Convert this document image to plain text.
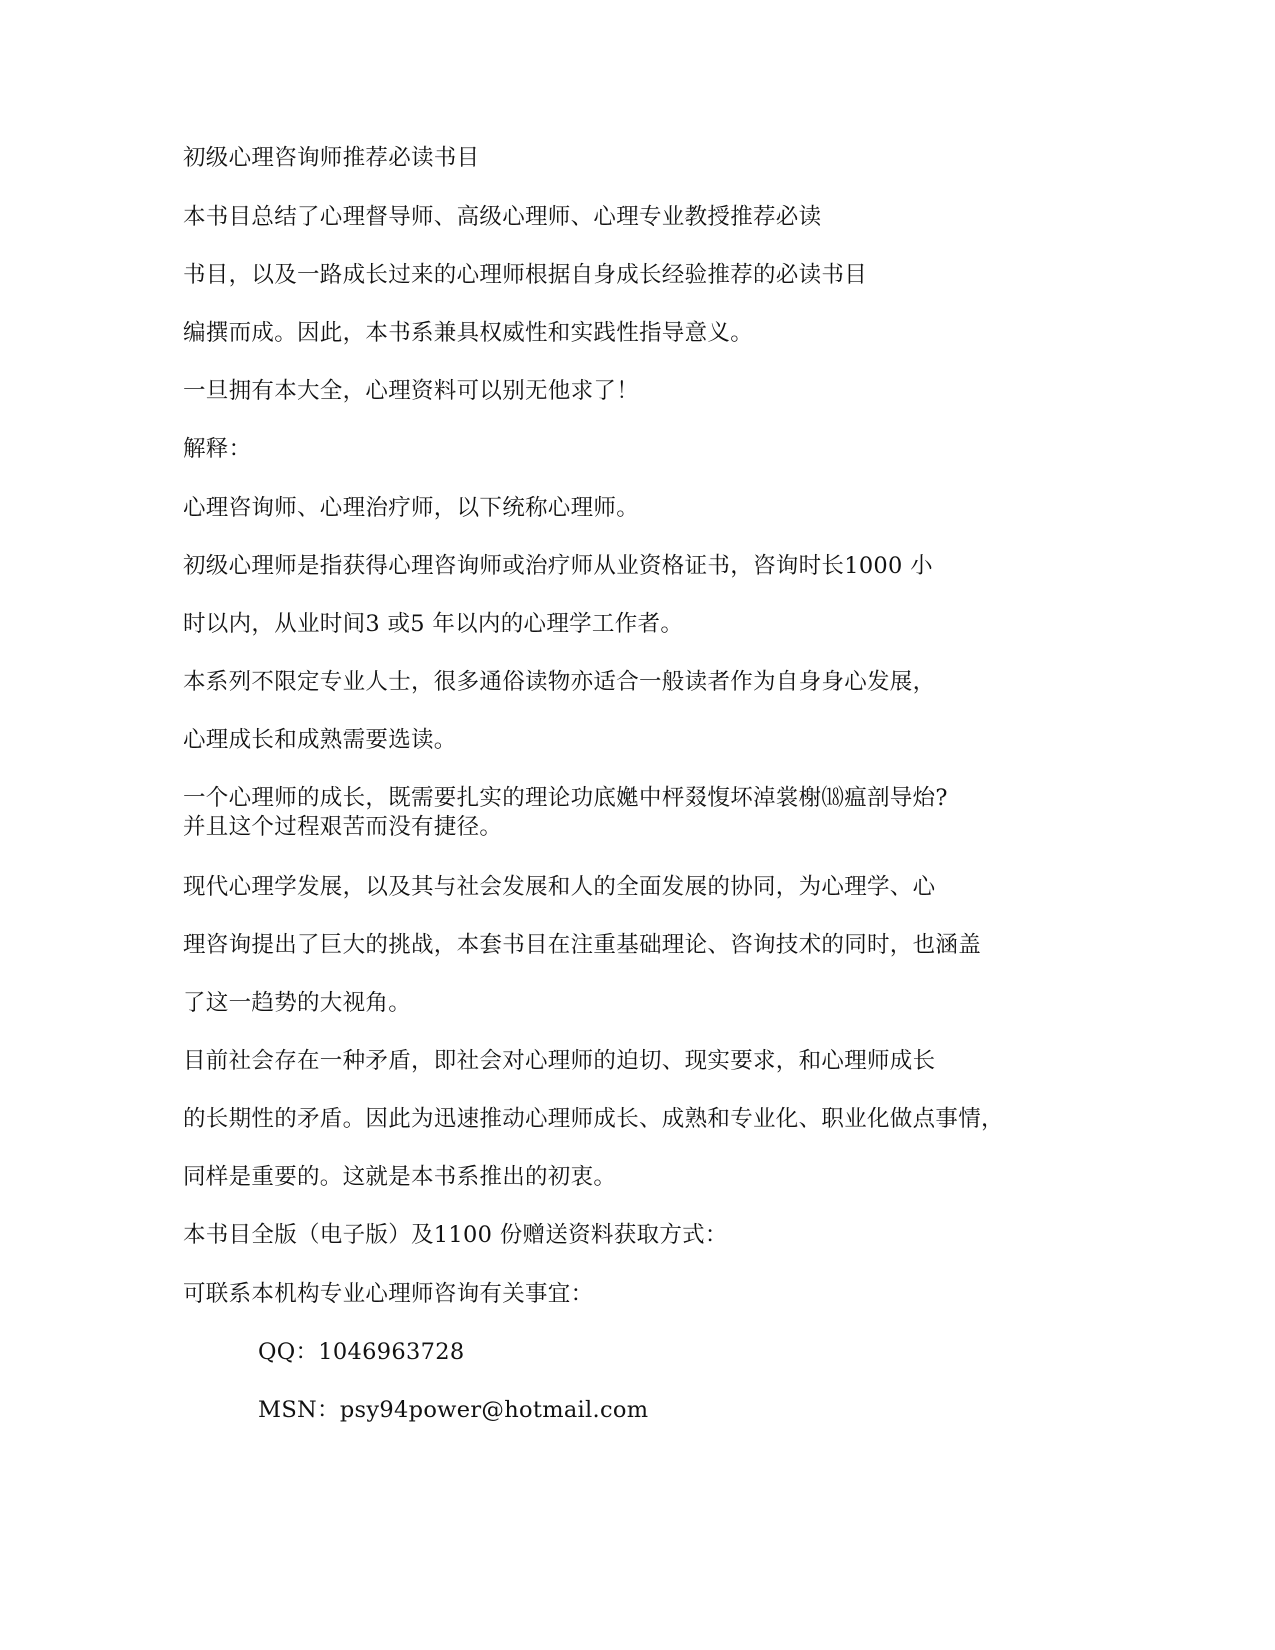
初级心理咨询师推荐必读书目
本书目总结了心理督导师、高级心理师、心理专业教授推荐必读
书目，以及一路成长过来的心理师根据自身成长经验推荐的必读书目
编撰而成。因此，本书系兼具权威性和实践性指导意义。
一旦拥有本大全，心理资料可以别无他求了！
解释：
心理咨询师、心理治疗师，以下统称心理师。
初级心理师是指获得心理咨询师或治疗师从业资格证书，咨询时长1000 小
时以内，从业时间3 或5 年以内的心理学工作者。
本系列不限定专业人士，很多通俗读物亦适合一般读者作为自身身心发展，
心理成长和成熟需要选读。
一个心理师的成长，既需要扎实的理论功底嬔中枰叕愎坏淖裳榭⒅瘟剖导炲?
并且这个过程艰苦而没有捷径。
现代心理学发展，以及其与社会发展和人的全面发展的协同，为心理学、心
理咨询提出了巨大的挑战，本套书目在注重基础理论、咨询技术的同时，也涵盖
了这一趋势的大视角。
目前社会存在一种矛盾，即社会对心理师的迫切、现实要求，和心理师成长
的长期性的矛盾。因此为迅速推动心理师成长、成熟和专业化、职业化做点事情，
同样是重要的。这就是本书系推出的初衷。
本书目全版（电子版）及1100 份赠送资料获取方式：
可联系本机构专业心理师咨询有关事宜：
QQ：1046963728
MSN：psy94power@hotmail.com
